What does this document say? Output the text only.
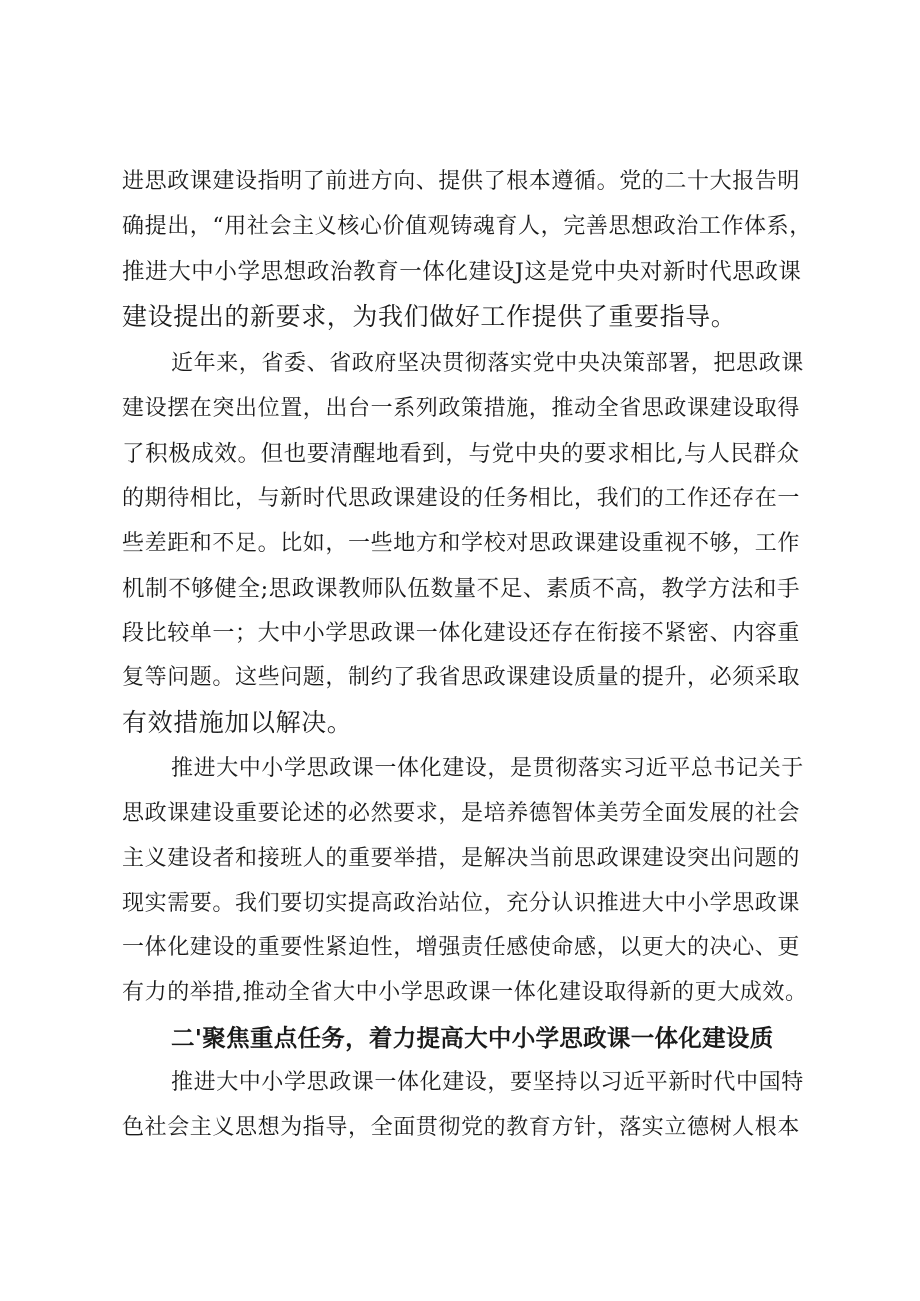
进思政课建设指明了前进方向、提供了根本遵循。党的二十大报告明
确提出，“用社会主义核心价值观铸魂育人，完善思想政治工作体系，
推进大中小学思想政治教育一体化建设J这是党中央对新时代思政课
建设提出的新要求，为我们做好工作提供了重要指导。
近年来，省委、省政府坚决贯彻落实党中央决策部署，把思政课
建设摆在突出位置，出台一系列政策措施，推动全省思政课建设取得
了积极成效。但也要清醒地看到，与党中央的要求相比,与人民群众
的期待相比，与新时代思政课建设的任务相比，我们的工作还存在一
些差距和不足。比如，一些地方和学校对思政课建设重视不够，工作
机制不够健全;思政课教师队伍数量不足、素质不高，教学方法和手
段比较单一；大中小学思政课一体化建设还存在衔接不紧密、内容重
复等问题。这些问题，制约了我省思政课建设质量的提升，必须采取
有效措施加以解决。
推进大中小学思政课一体化建设，是贯彻落实习近平总书记关于
思政课建设重要论述的必然要求，是培养德智体美劳全面发展的社会
主义建设者和接班人的重要举措，是解决当前思政课建设突出问题的
现实需要。我们要切实提高政治站位，充分认识推进大中小学思政课
一体化建设的重要性紧迫性，增强责任感使命感，以更大的决心、更
有力的举措,推动全省大中小学思政课一体化建设取得新的更大成效。
二'聚焦重点任务，着力提高大中小学思政课一体化建设质
推进大中小学思政课一体化建设，要坚持以习近平新时代中国特
色社会主义思想为指导，全面贯彻党的教育方针，落实立德树人根本
